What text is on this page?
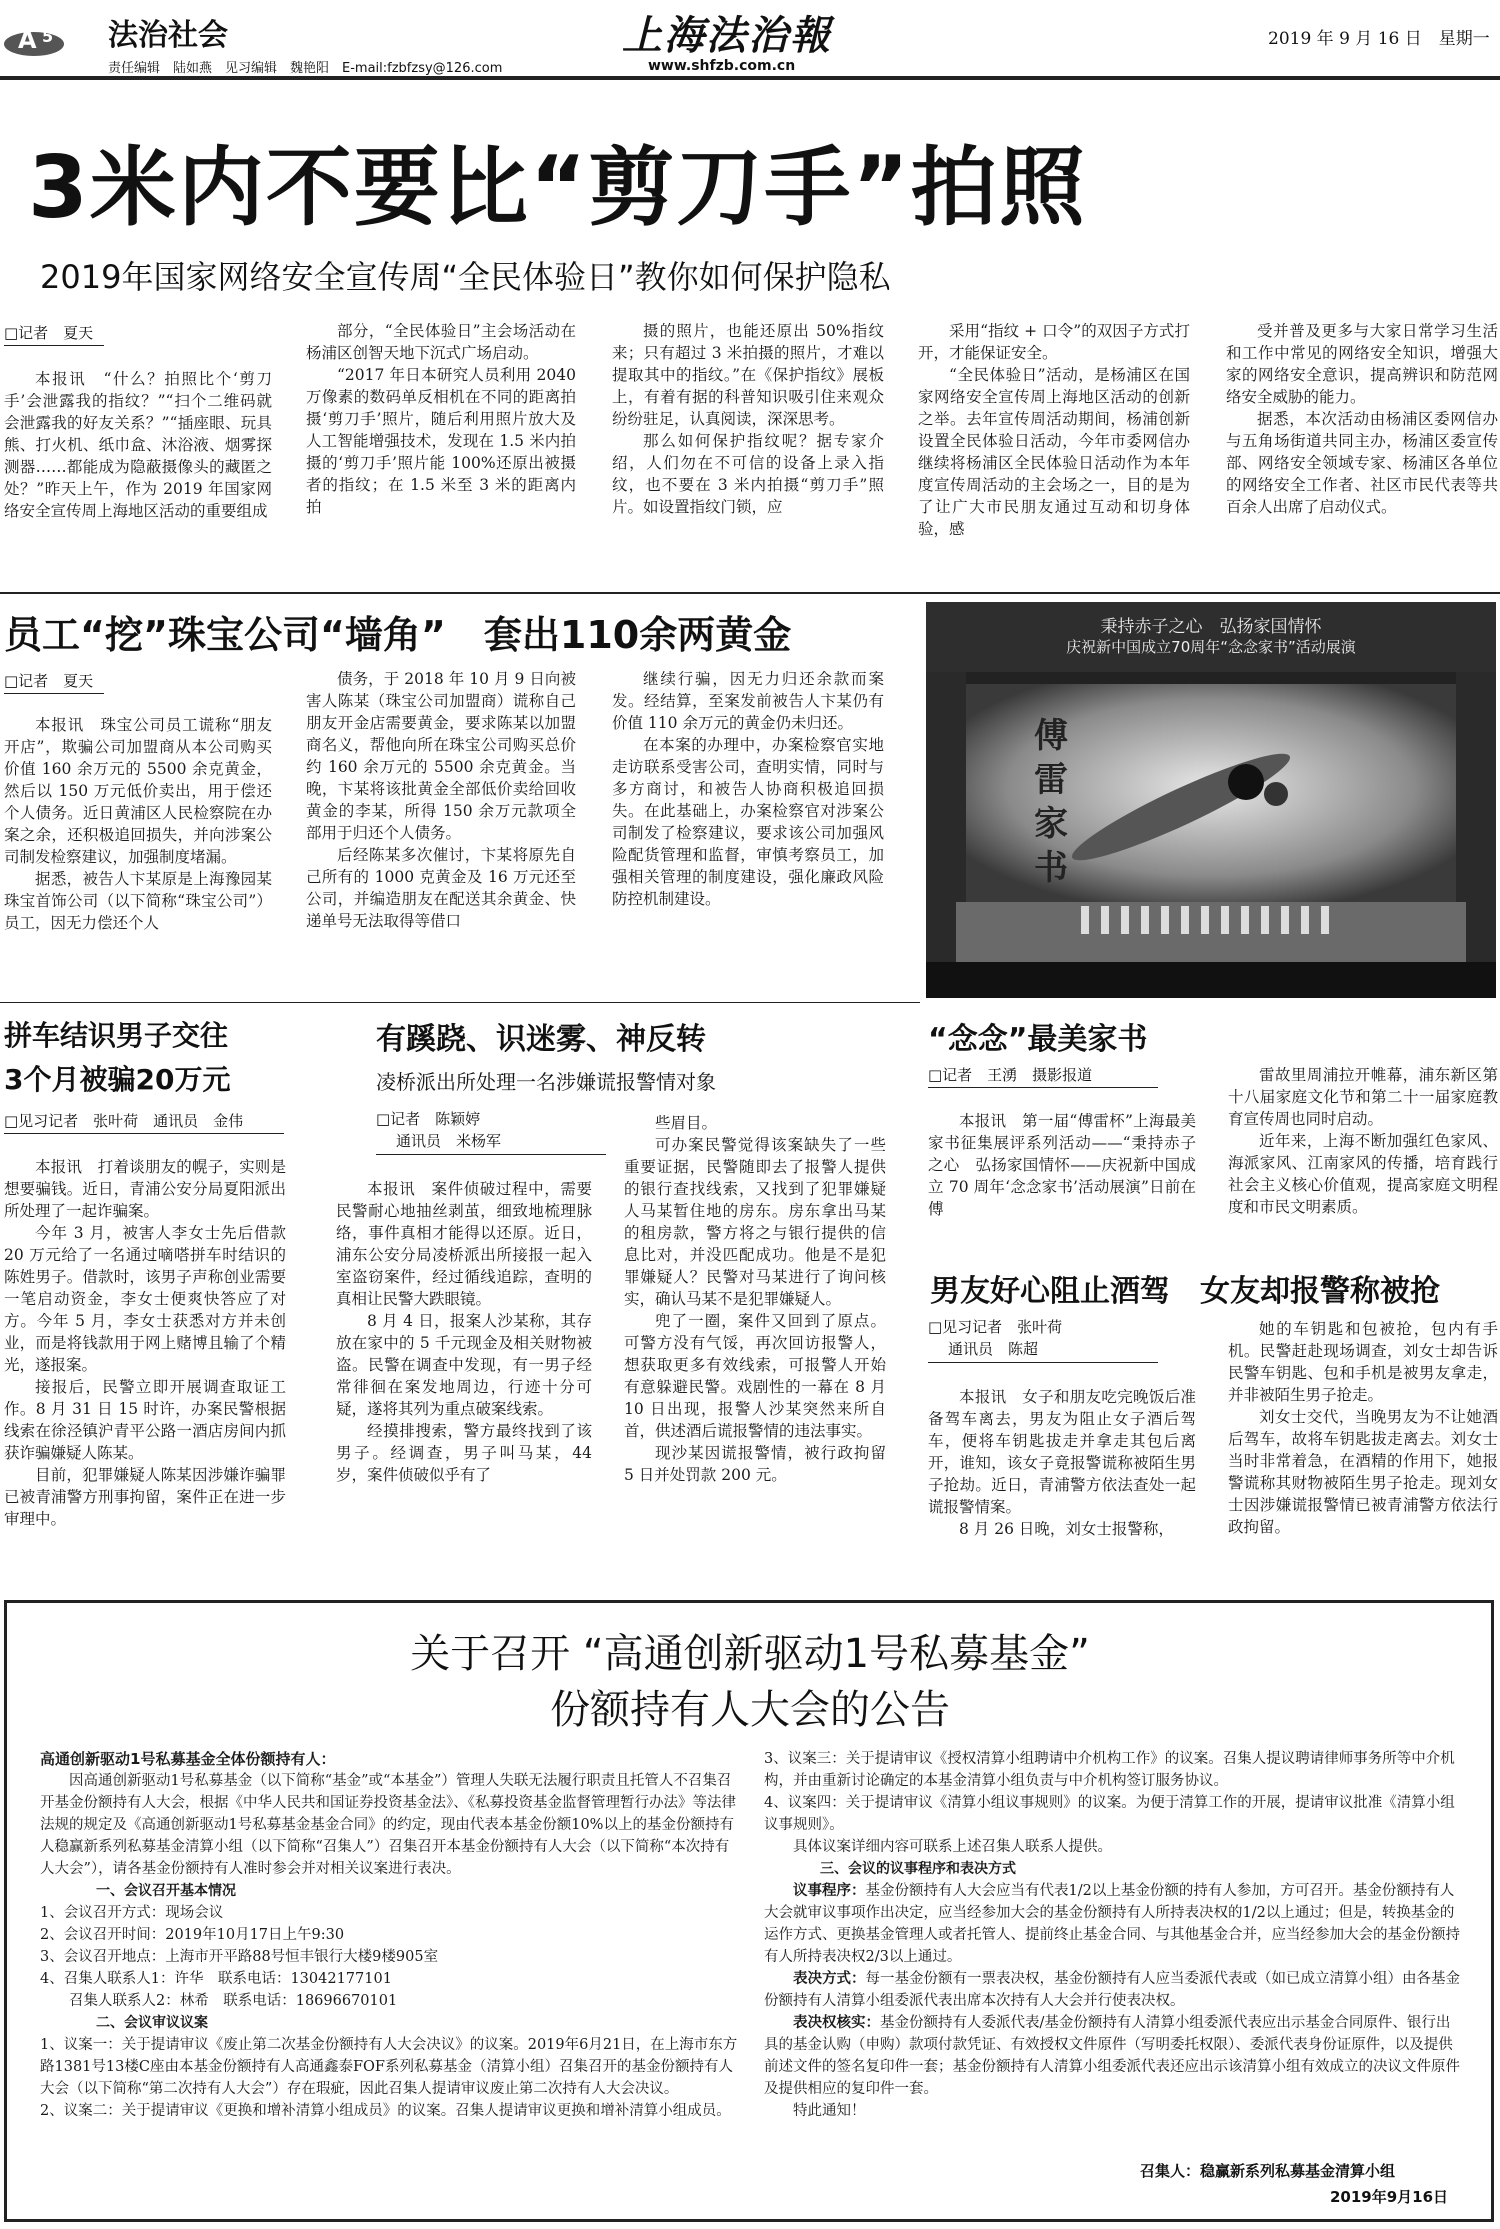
A 5 法治社会
责任编辑　陆如燕　见习编辑　魏艳阳　E-mail:fzbfzsy@126.com
上海法治報
www.shfzb.com.cn
2019 年 9 月 16 日　星期一
3米内不要比“剪刀手”拍照
2019年国家网络安全宣传周“全民体验日”教你如何保护隐私
□记者　夏天

本报讯　“什么？拍照比个‘剪刀手’会泄露我的指纹？”“扫个二维码就会泄露我的好友关系？”“插座眼、玩具熊、打火机、纸巾盒、沐浴液、烟雾探测器……都能成为隐蔽摄像头的藏匿之处？”昨天上午，作为 2019 年国家网络安全宣传周上海地区活动的重要组成

部分，“全民体验日”主会场活动在杨浦区创智天地下沉式广场启动。

“2017 年日本研究人员利用 2040 万像素的数码单反相机在不同的距离拍摄‘剪刀手’照片，随后利用照片放大及人工智能增强技术，发现在 1.5 米内拍摄的‘剪刀手’照片能 100%还原出被摄者的指纹；在 1.5 米至 3 米的距离内拍

摄的照片，也能还原出 50%指纹来；只有超过 3 米拍摄的照片，才难以提取其中的指纹。”在《保护指纹》展板上，有着有据的科普知识吸引住来观众纷纷驻足，认真阅读，深深思考。

那么如何保护指纹呢？据专家介绍，人们勿在不可信的设备上录入指纹，也不要在 3 米内拍摄“剪刀手”照片。如设置指纹门锁，应

采用“指纹 + 口令”的双因子方式打开，才能保证安全。

“全民体验日”活动，是杨浦区在国家网络安全宣传周上海地区活动的创新之举。去年宣传周活动期间，杨浦创新设置全民体验日活动，今年市委网信办继续将杨浦区全民体验日活动作为本年度宣传周活动的主会场之一，目的是为了让广大市民朋友通过互动和切身体验，感

受并普及更多与大家日常学习生活和工作中常见的网络安全知识，增强大家的网络安全意识，提高辨识和防范网络安全威胁的能力。

据悉，本次活动由杨浦区委网信办与五角场街道共同主办，杨浦区委宣传部、网络安全领域专家、杨浦区各单位的网络安全工作者、社区市民代表等共百余人出席了启动仪式。

员工“挖”珠宝公司“墙角”　套出110余两黄金
□记者　夏天

本报讯　珠宝公司员工谎称“朋友开店”，欺骗公司加盟商从本公司购买价值 160 余万元的 5500 余克黄金，然后以 150 万元低价卖出，用于偿还个人债务。近日黄浦区人民检察院在办案之余，还积极追回损失，并向涉案公司制发检察建议，加强制度堵漏。

据悉，被告人卞某原是上海豫园某珠宝首饰公司（以下简称“珠宝公司”）员工，因无力偿还个人

债务，于 2018 年 10 月 9 日向被害人陈某（珠宝公司加盟商）谎称自己朋友开金店需要黄金，要求陈某以加盟商名义，帮他向所在珠宝公司购买总价约 160 余万元的 5500 余克黄金。当晚，卞某将该批黄金全部低价卖给回收黄金的李某，所得 150 余万元款项全部用于归还个人债务。

后经陈某多次催讨，卞某将原先自己所有的 1000 克黄金及 16 万元还至公司，并编造朋友在配送其余黄金、快递单号无法取得等借口

继续行骗，因无力归还余款而案发。经结算，至案发前被告人卞某仍有价值 110 余万元的黄金仍未归还。

在本案的办理中，办案检察官实地走访联系受害公司，查明实情，同时与多方商讨，和被告人协商积极追回损失。在此基础上，办案检察官对涉案公司制发了检察建议，要求该公司加强风险配货管理和监督，审慎考察员工，加强相关管理的制度建设，强化廉政风险防控机制建设。

秉持赤子之心　弘扬家国情怀
庆祝新中国成立70周年“念念家书”活动展演
傅雷家书
拼车结识男子交往
3个月被骗20万元
□见习记者　张叶荷　通讯员　金伟

本报讯　打着谈朋友的幌子，实则是想要骗钱。近日，青浦公安分局夏阳派出所处理了一起诈骗案。

今年 3 月，被害人李女士先后借款 20 万元给了一名通过嘀嗒拼车时结识的陈姓男子。借款时，该男子声称创业需要一笔启动资金，李女士便爽快答应了对方。今年 5 月，李女士获悉对方并未创业，而是将钱款用于网上赌博且输了个精光，遂报案。

接报后，民警立即开展调查取证工作。8 月 31 日 15 时许，办案民警根据线索在徐泾镇沪青平公路一酒店房间内抓获诈骗嫌疑人陈某。

目前，犯罪嫌疑人陈某因涉嫌诈骗罪已被青浦警方刑事拘留，案件正在进一步审理中。

有蹊跷、识迷雾、神反转
凌桥派出所处理一名涉嫌谎报警情对象
□记者　陈颖婷
通讯员　米杨军

本报讯　案件侦破过程中，需要民警耐心地抽丝剥茧，细致地梳理脉络，事件真相才能得以还原。近日，浦东公安分局凌桥派出所接报一起入室盗窃案件，经过循线追踪，查明的真相让民警大跌眼镜。

8 月 4 日，报案人沙某称，其存放在家中的 5 千元现金及相关财物被盗。民警在调查中发现，有一男子经常徘徊在案发地周边，行迹十分可疑，遂将其列为重点破案线索。

经摸排搜索，警方最终找到了该男子。经调查，男子叫马某，44 岁，案件侦破似乎有了

些眉目。

可办案民警觉得该案缺失了一些重要证据，民警随即去了报警人提供的银行查找线索，又找到了犯罪嫌疑人马某暂住地的房东。房东拿出马某的租房款，警方将之与银行提供的信息比对，并没匹配成功。他是不是犯罪嫌疑人？民警对马某进行了询问核实，确认马某不是犯罪嫌疑人。

兜了一圈，案件又回到了原点。可警方没有气馁，再次回访报警人，想获取更多有效线索，可报警人开始有意躲避民警。戏剧性的一幕在 8 月 10 日出现，报警人沙某突然来所自首，供述酒后谎报警情的违法事实。

现沙某因谎报警情，被行政拘留 5 日并处罚款 200 元。

“念念”最美家书
□记者　王湧　摄影报道

本报讯　第一届“傅雷杯”上海最美家书征集展评系列活动——“秉持赤子之心　弘扬家国情怀——庆祝新中国成立 70 周年‘念念家书’活动展演”日前在傅

雷故里周浦拉开帷幕，浦东新区第十八届家庭文化节和第二十一届家庭教育宣传周也同时启动。

近年来，上海不断加强红色家风、海派家风、江南家风的传播，培育践行社会主义核心价值观，提高家庭文明程度和市民文明素质。

男友好心阻止酒驾　女友却报警称被抢
□见习记者　张叶荷
通讯员　陈超

本报讯　女子和朋友吃完晚饭后准备驾车离去，男友为阻止女子酒后驾车，便将车钥匙拔走并拿走其包后离开，谁知，该女子竟报警谎称被陌生男子抢劫。近日，青浦警方依法查处一起谎报警情案。

8 月 26 日晚，刘女士报警称，

她的车钥匙和包被抢，包内有手机。民警赶赴现场调查，刘女士却告诉民警车钥匙、包和手机是被男友拿走，并非被陌生男子抢走。

刘女士交代，当晚男友为不让她酒后驾车，故将车钥匙拔走离去。刘女士当时非常着急，在酒精的作用下，她报警谎称其财物被陌生男子抢走。现刘女士因涉嫌谎报警情已被青浦警方依法行政拘留。

关于召开 “高通创新驱动1号私募基金”
份额持有人大会的公告

高通创新驱动1号私募基金全体份额持有人：

因高通创新驱动1号私募基金（以下简称“基金”或“本基金”）管理人失联无法履行职责且托管人不召集召开基金份额持有人大会，根据《中华人民共和国证券投资基金法》、《私募投资基金监督管理暂行办法》等法律法规的规定及《高通创新驱动1号私募基金基金合同》的约定，现由代表本基金份额10%以上的基金份额持有人稳赢新系列私募基金清算小组（以下简称“召集人”）召集召开本基金份额持有人大会（以下简称“本次持有人大会”），请各基金份额持有人准时参会并对相关议案进行表决。

一、会议召开基本情况

1、会议召开方式：现场会议

2、会议召开时间：2019年10月17日上午9:30

3、会议召开地点：上海市开平路88号恒丰银行大楼9楼905室

4、召集人联系人1：许华　联系电话：13042177101

　　召集人联系人2：林希　联系电话：18696670101

二、会议审议议案

1、议案一：关于提请审议《废止第二次基金份额持有人大会决议》的议案。2019年6月21日，在上海市东方路1381号13楼C座由本基金份额持有人高通鑫泰FOF系列私募基金（清算小组）召集召开的基金份额持有人大会（以下简称“第二次持有人大会”）存在瑕疵，因此召集人提请审议废止第二次持有人大会决议。

2、议案二：关于提请审议《更换和增补清算小组成员》的议案。召集人提请审议更换和增补清算小组成员。

3、议案三：关于提请审议《授权清算小组聘请中介机构工作》的议案。召集人提议聘请律师事务所等中介机构，并由重新讨论确定的本基金清算小组负责与中介机构签订服务协议。

4、议案四：关于提请审议《清算小组议事规则》的议案。为便于清算工作的开展，提请审议批准《清算小组议事规则》。

具体议案详细内容可联系上述召集人联系人提供。

三、会议的议事程序和表决方式

议事程序：基金份额持有人大会应当有代表1/2以上基金份额的持有人参加，方可召开。基金份额持有人大会就审议事项作出决定，应当经参加大会的基金份额持有人所持表决权的1/2以上通过；但是，转换基金的运作方式、更换基金管理人或者托管人、提前终止基金合同、与其他基金合并，应当经参加大会的基金份额持有人所持表决权2/3以上通过。

表决方式：每一基金份额有一票表决权，基金份额持有人应当委派代表或（如已成立清算小组）由各基金份额持有人清算小组委派代表出席本次持有人大会并行使表决权。

表决权核实：基金份额持有人委派代表/基金份额持有人清算小组委派代表应出示基金合同原件、银行出具的基金认购（申购）款项付款凭证、有效授权文件原件（写明委托权限）、委派代表身份证原件，以及提供前述文件的签名复印件一套；基金份额持有人清算小组委派代表还应出示该清算小组有效成立的决议文件原件及提供相应的复印件一套。

特此通知！

召集人：稳赢新系列私募基金清算小组
2019年9月16日
